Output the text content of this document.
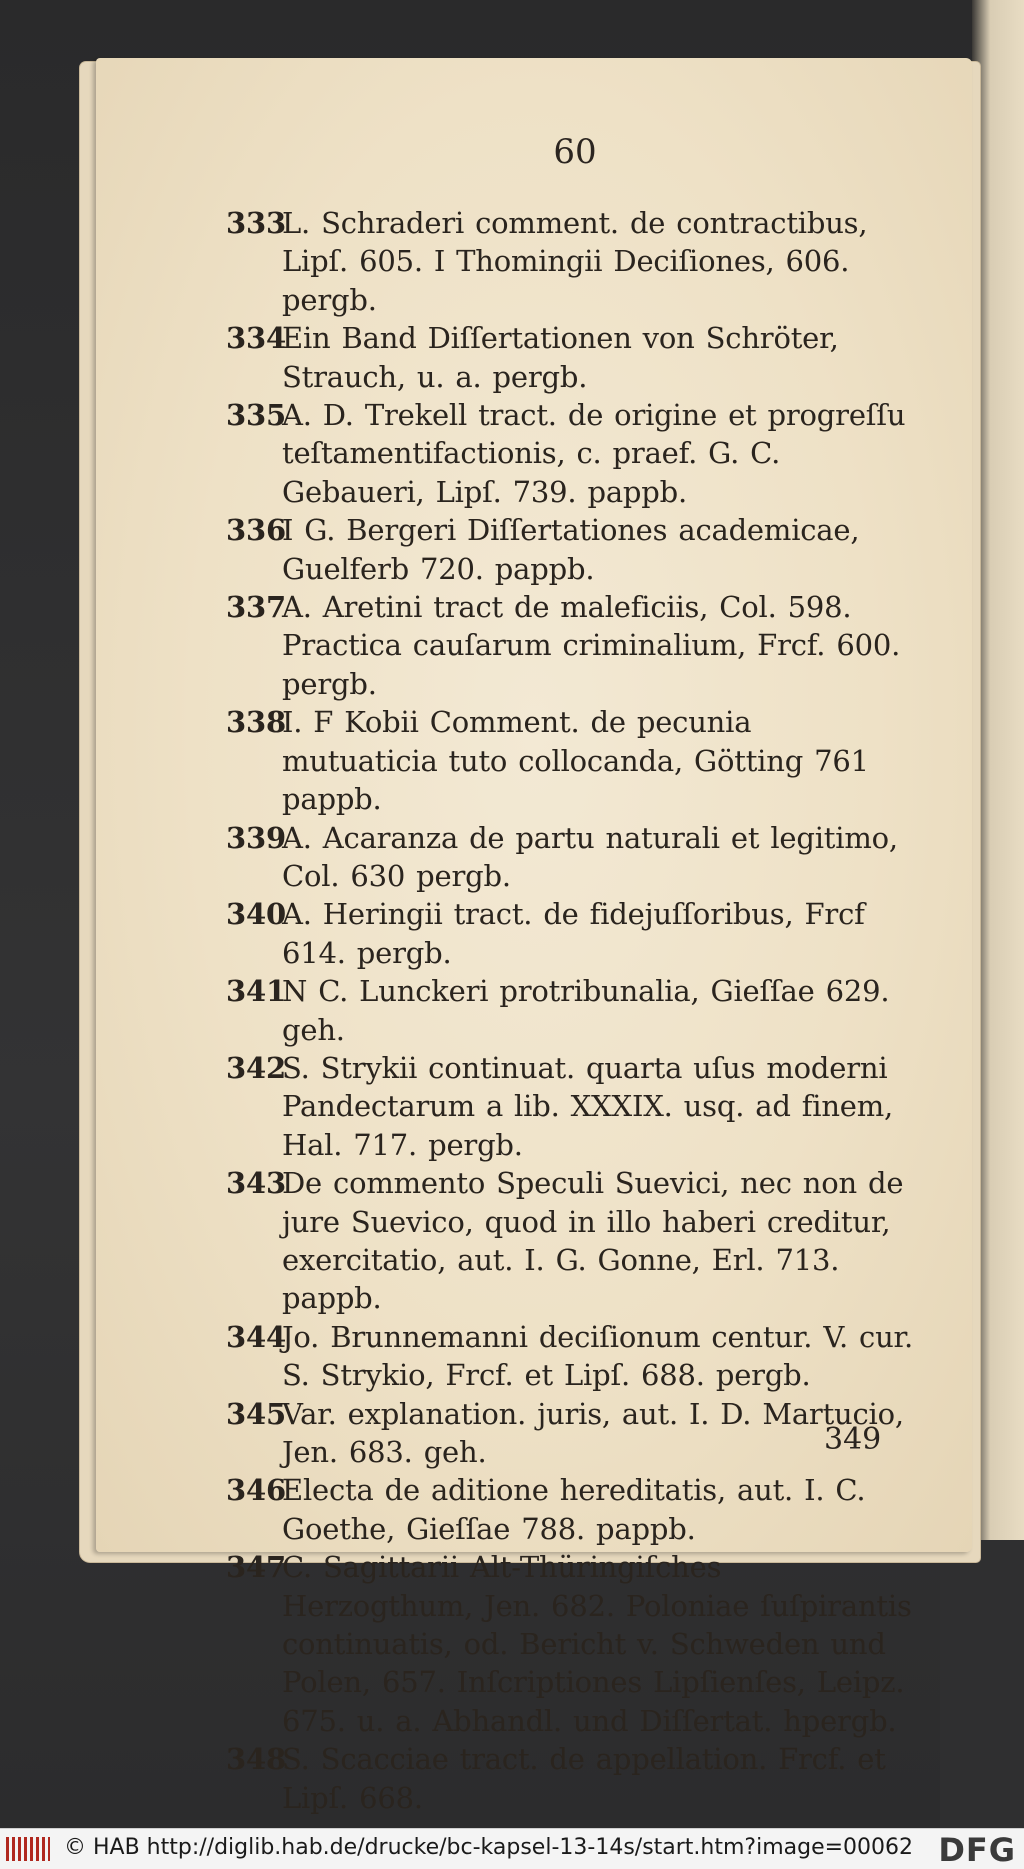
60
333L. Schraderi comment. de contractibus, Lipſ. 605. I Thomingii Deciſiones, 606. pergb.
334Ein Band Diſſertationen von Schröter, Strauch, u. a. pergb.
335A. D. Trekell tract. de origine et progreſſu teſtamentifactionis, c. praef. G. C. Gebaueri, Lipſ. 739. pappb.
336I G. Bergeri Diſſertationes academicae, Guelferb 720. pappb.
337A. Aretini tract de maleficiis, Col. 598. Practica cauſarum criminalium, Frcf. 600. pergb.
338I. F Kobii Comment. de pecunia mutuaticia tuto collocanda, Götting 761 pappb.
339A. Acaranza de partu naturali et legitimo, Col. 630 pergb.
340A. Heringii tract. de fidejuſſoribus, Frcf 614. pergb.
341N C. Lunckeri protribunalia, Gieſſae 629. geh.
342S. Strykii continuat. quarta uſus moderni Pandectarum a lib. XXXIX. usq. ad finem, Hal. 717. pergb.
343De commento Speculi Suevici, nec non de jure Suevico, quod in illo haberi creditur, exercitatio, aut. I. G. Gonne, Erl. 713. pappb.
344Jo. Brunnemanni deciſionum centur. V. cur. S. Strykio, Frcf. et Lipſ. 688. pergb.
345Var. explanation. juris, aut. I. D. Martucio, Jen. 683. geh.
346Electa de aditione hereditatis, aut. I. C. Goethe, Gieſſae 788. pappb.
347C. Sagittarii Alt-Thüringiſches Herzogthum, Jen. 682. Poloniae ſuſpirantis continuatis, od. Bericht v. Schweden und Polen, 657. Inſcriptiones Lipſienſes, Leipz. 675. u. a. Abhandl. und Diſſertat. hpergb.
348S. Scacciae tract. de appellation. Frcf. et Lipſ. 668.
349
© HAB http://diglib.hab.de/drucke/bc-kapsel-13-14s/start.htm?image=00062 DFG
